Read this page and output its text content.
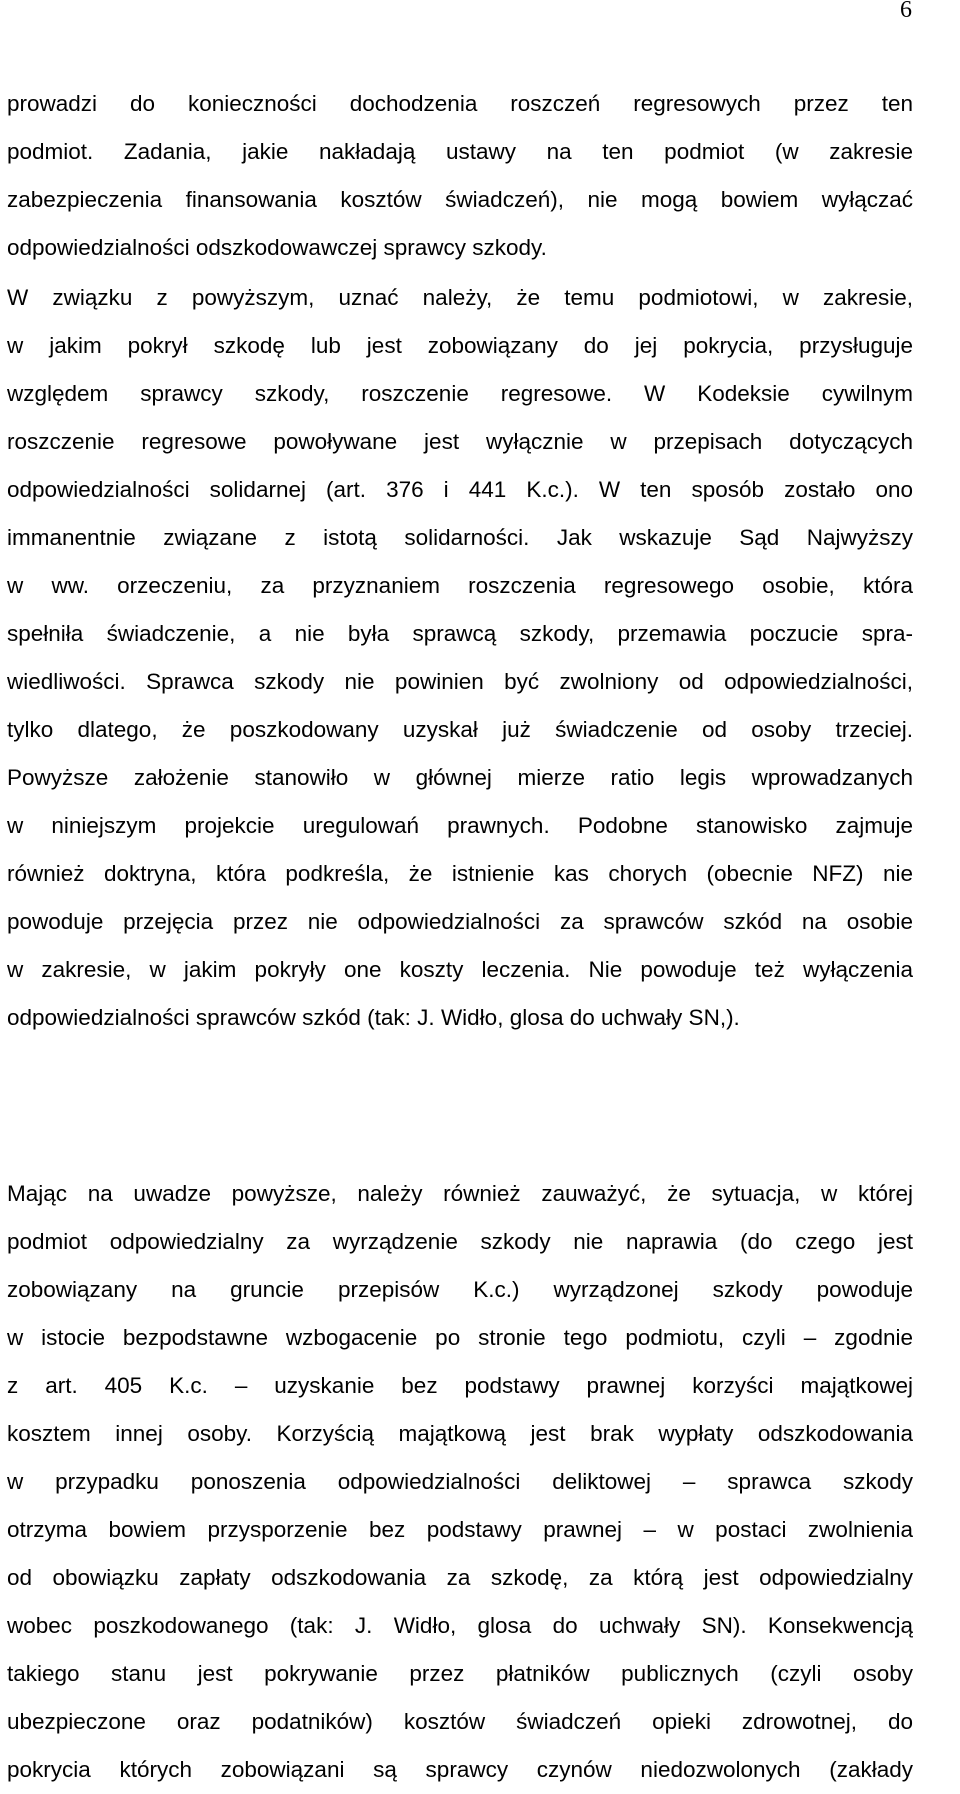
6
prowadzi do konieczności dochodzenia roszczeń regresowych przez ten
podmiot. Zadania, jakie nakładają ustawy na ten podmiot (w zakresie
zabezpieczenia finansowania kosztów świadczeń), nie mogą bowiem wyłączać
odpowiedzialności odszkodowawczej sprawcy szkody.
W związku z powyższym, uznać należy, że temu podmiotowi, w zakresie,
w jakim pokrył szkodę lub jest zobowiązany do jej pokrycia, przysługuje
względem sprawcy szkody, roszczenie regresowe. W Kodeksie cywilnym
roszczenie regresowe powoływane jest wyłącznie w przepisach dotyczących
odpowiedzialności solidarnej (art. 376 i 441 K.c.). W ten sposób zostało ono
immanentnie związane z istotą solidarności. Jak wskazuje Sąd Najwyższy
w ww. orzeczeniu, za przyznaniem roszczenia regresowego osobie, która
spełniła świadczenie, a nie była sprawcą szkody, przemawia poczucie spra-
wiedliwości. Sprawca szkody nie powinien być zwolniony od odpowiedzialności,
tylko dlatego, że poszkodowany uzyskał już świadczenie od osoby trzeciej.
Powyższe założenie stanowiło w głównej mierze ratio legis wprowadzanych
w niniejszym projekcie uregulowań prawnych. Podobne stanowisko zajmuje
również doktryna, która podkreśla, że istnienie kas chorych (obecnie NFZ) nie
powoduje przejęcia przez nie odpowiedzialności za sprawców szkód na osobie
w zakresie, w jakim pokryły one koszty leczenia. Nie powoduje też wyłączenia
odpowiedzialności sprawców szkód (tak: J. Widło, glosa do uchwały SN,).
Mając na uwadze powyższe, należy również zauważyć, że sytuacja, w której
podmiot odpowiedzialny za wyrządzenie szkody nie naprawia (do czego jest
zobowiązany na gruncie przepisów K.c.) wyrządzonej szkody powoduje
w istocie bezpodstawne wzbogacenie po stronie tego podmiotu, czyli – zgodnie
z art. 405 K.c. – uzyskanie bez podstawy prawnej korzyści majątkowej
kosztem innej osoby. Korzyścią majątkową jest brak wypłaty odszkodowania
w przypadku ponoszenia odpowiedzialności deliktowej – sprawca szkody
otrzyma bowiem przysporzenie bez podstawy prawnej – w postaci zwolnienia
od obowiązku zapłaty odszkodowania za szkodę, za którą jest odpowiedzialny
wobec poszkodowanego (tak: J. Widło, glosa do uchwały SN). Konsekwencją
takiego stanu jest pokrywanie przez płatników publicznych (czyli osoby
ubezpieczone oraz podatników) kosztów świadczeń opieki zdrowotnej, do
pokrycia których zobowiązani są sprawcy czynów niedozwolonych (zakłady
